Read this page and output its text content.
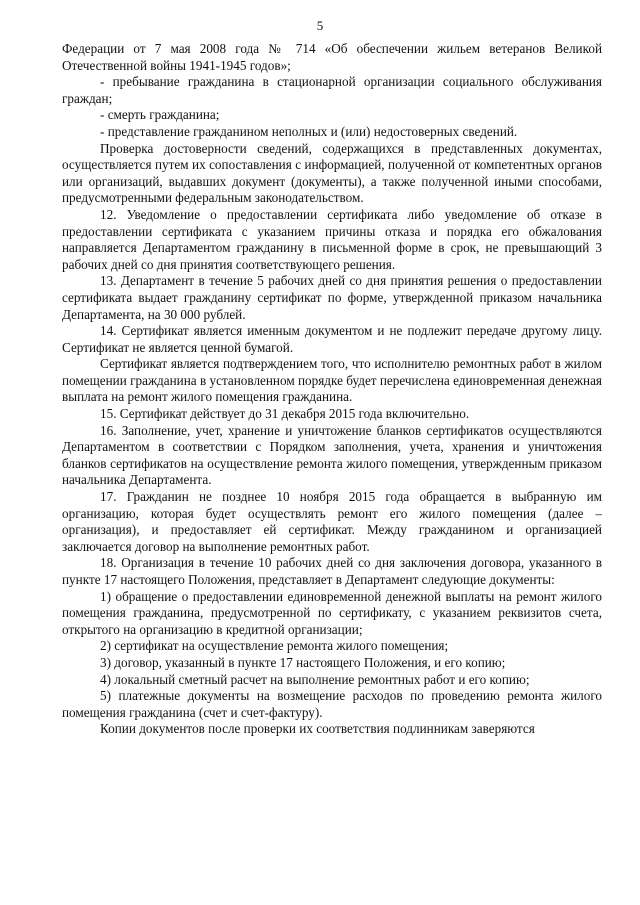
5

Федерации от 7 мая 2008 года № 714 «Об обеспечении жильем ветеранов Великой Отечественной войны 1941-1945 годов»;

- пребывание гражданина в стационарной организации социального обслуживания граждан;

- смерть гражданина;

- представление гражданином неполных и (или) недостоверных сведений.

Проверка достоверности сведений, содержащихся в представленных документах, осуществляется путем их сопоставления с информацией, полученной от компетентных органов или организаций, выдавших документ (документы), а также полученной иными способами, предусмотренными федеральным законодательством.

12. Уведомление о предоставлении сертификата либо уведомление об отказе в предоставлении сертификата с указанием причины отказа и порядка его обжалования направляется Департаментом гражданину в письменной форме в срок, не превышающий 3 рабочих дней со дня принятия соответствующего решения.

13. Департамент в течение 5 рабочих дней со дня принятия решения о предоставлении сертификата выдает гражданину сертификат по форме, утвержденной приказом начальника Департамента, на 30 000 рублей.

14. Сертификат является именным документом и не подлежит передаче другому лицу. Сертификат не является ценной бумагой.

Сертификат является подтверждением того, что исполнителю ремонтных работ в жилом помещении гражданина в установленном порядке будет перечислена единовременная денежная выплата на ремонт жилого помещения гражданина.

15. Сертификат действует до 31 декабря 2015 года включительно.

16. Заполнение, учет, хранение и уничтожение бланков сертификатов осуществляются Департаментом в соответствии с Порядком заполнения, учета, хранения и уничтожения бланков сертификатов на осуществление ремонта жилого помещения, утвержденным приказом начальника Департамента.

17. Гражданин не позднее 10 ноября 2015 года обращается в выбранную им организацию, которая будет осуществлять ремонт его жилого помещения (далее – организация), и предоставляет ей сертификат. Между гражданином и организацией заключается договор на выполнение ремонтных работ.

18. Организация в течение 10 рабочих дней со дня заключения договора, указанного в пункте 17 настоящего Положения, представляет в Департамент следующие документы:

1) обращение о предоставлении единовременной денежной выплаты на ремонт жилого помещения гражданина, предусмотренной по сертификату, с указанием реквизитов счета, открытого на организацию в кредитной организации;

2) сертификат на осуществление ремонта жилого помещения;

3) договор, указанный в пункте 17 настоящего Положения, и его копию;

4) локальный сметный расчет на выполнение ремонтных работ и его копию;

5) платежные документы на возмещение расходов по проведению ремонта жилого помещения гражданина (счет и счет-фактуру).

Копии документов после проверки их соответствия подлинникам заверяются
